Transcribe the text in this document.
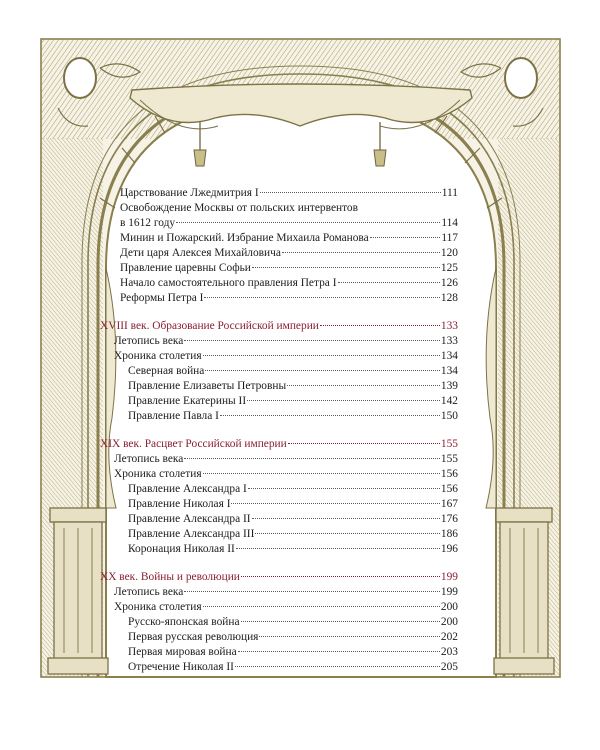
Царствование Лжедмитрия I	111
Освобождение Москвы от польских интервентов
в 1612 году	114
Минин и Пожарский. Избрание Михаила Романова	117
Дети царя Алексея Михайловича	120
Правление царевны Софьи	125
Начало самостоятельного правления Петра I	126
Реформы Петра I	128
XVIII век. Образование Российской империи	133
Летопись века	133
Хроника столетия	134
Северная война	134
Правление Елизаветы Петровны	139
Правление Екатерины II	142
Правление Павла I	150
XIX век. Расцвет Российской империи	155
Летопись века	155
Хроника столетия	156
Правление Александра I	156
Правление Николая I	167
Правление Александра II	176
Правление Александра III	186
Коронация Николая II	196
XX век. Войны и революции	199
Летопись века	199
Хроника столетия	200
Русско-японская война	200
Первая русская революция	202
Первая мировая война	203
Отречение Николая II	205
